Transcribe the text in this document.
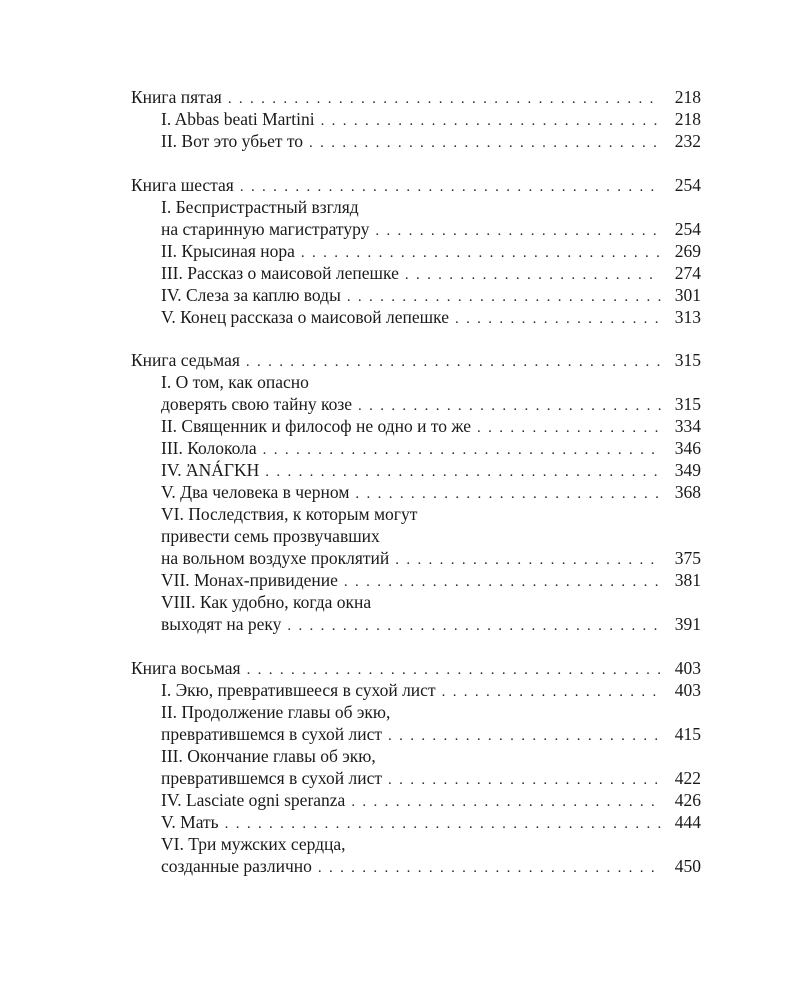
Книга пятая . . .	218
I. Abbas beati Martini . . .	218
II. Вот это убьет то . . .	232
Книга шестая . . .	254
I. Беспристрастный взгляд
на старинную магистратуру . . .	254
II. Крысиная нора . . .	269
III. Рассказ о маисовой лепешке . . .	274
IV. Слеза за каплю воды . . .	301
V. Конец рассказа о маисовой лепешке . . .	313
Книга седьмая . . .	315
I. О том, как опасно
доверять свою тайну козе . . .	315
II. Священник и философ не одно и то же . . .	334
III. Колокола . . .	346
IV. ἈΝÁΓΚΗ . . .	349
V. Два человека в черном . . .	368
VI. Последствия, к которым могут
привести семь прозвучавших
на вольном воздухе проклятий . . .	375
VII. Монах-привидение . . .	381
VIII. Как удобно, когда окна
выходят на реку . . .	391
Книга восьмая . . .	403
I. Экю, превратившееся в сухой лист . . .	403
II. Продолжение главы об экю,
превратившемся в сухой лист . . .	415
III. Окончание главы об экю,
превратившемся в сухой лист . . .	422
IV. Lasciate ogni speranza . . .	426
V. Мать . . .	444
VI. Три мужских сердца,
созданные различно . . .	450
